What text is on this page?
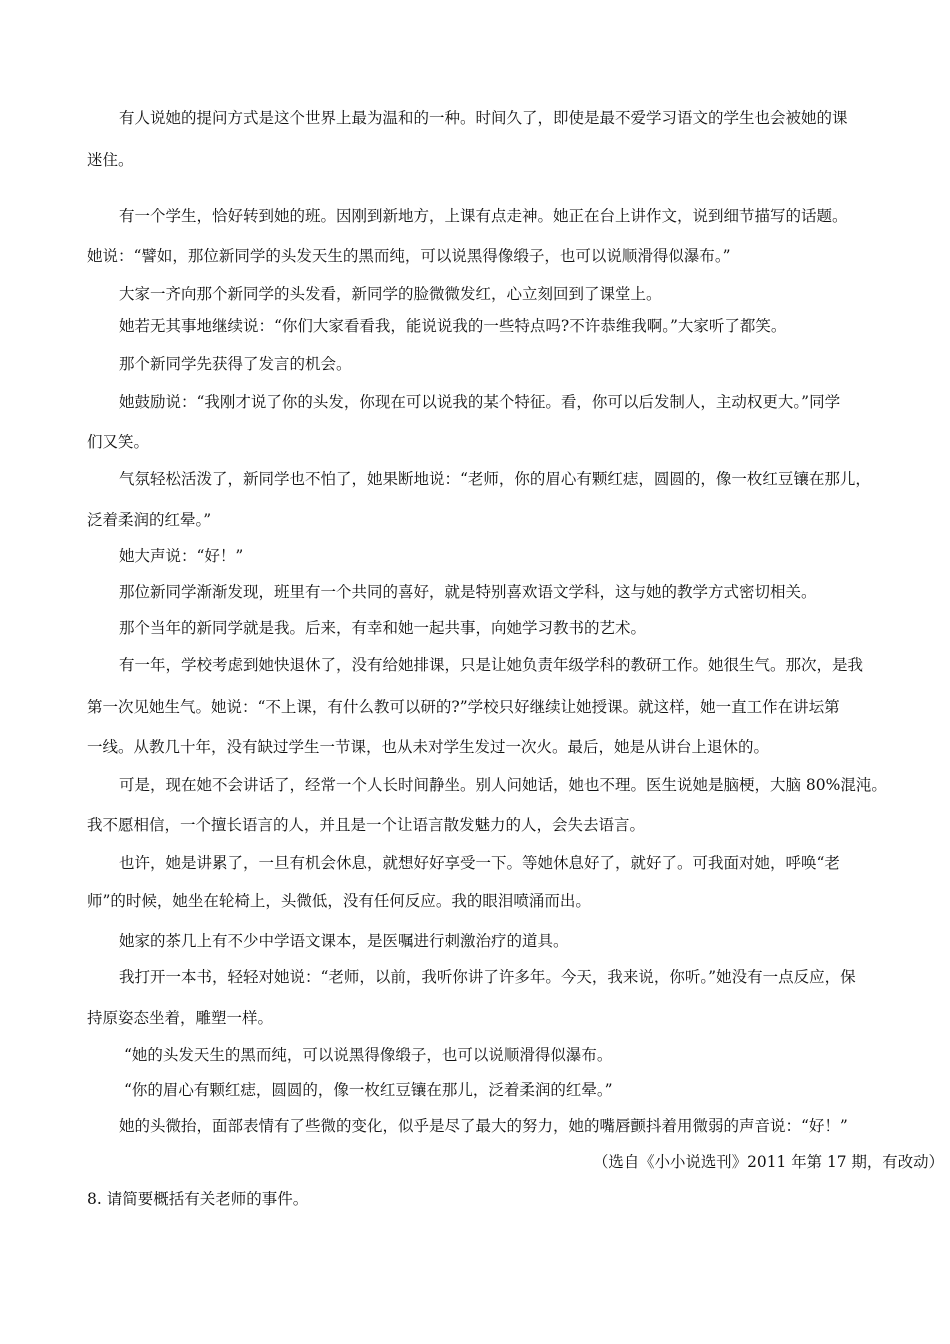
有人说她的提问方式是这个世界上最为温和的一种。时间久了，即使是最不爱学习语文的学生也会被她的课
迷住。
有一个学生，恰好转到她的班。因刚到新地方，上课有点走神。她正在台上讲作文，说到细节描写的话题。
她说：“譬如，那位新同学的头发天生的黑而纯，可以说黑得像缎子，也可以说顺滑得似瀑布。”
大家一齐向那个新同学的头发看，新同学的脸微微发红，心立刻回到了课堂上。
她若无其事地继续说：“你们大家看看我，能说说我的一些特点吗?不许恭维我啊。”大家听了都笑。
那个新同学先获得了发言的机会。
她鼓励说：“我刚才说了你的头发，你现在可以说我的某个特征。看，你可以后发制人，主动权更大。”同学
们又笑。
气氛轻松活泼了，新同学也不怕了，她果断地说：“老师，你的眉心有颗红痣，圆圆的，像一枚红豆镶在那儿，
泛着柔润的红晕。”
她大声说：“好！”
那位新同学渐渐发现，班里有一个共同的喜好，就是特别喜欢语文学科，这与她的教学方式密切相关。
那个当年的新同学就是我。后来，有幸和她一起共事，向她学习教书的艺术。
有一年，学校考虑到她快退休了，没有给她排课，只是让她负责年级学科的教研工作。她很生气。那次，是我
第一次见她生气。她说：“不上课，有什么教可以研的?”学校只好继续让她授课。就这样，她一直工作在讲坛第
一线。从教几十年，没有缺过学生一节课，也从未对学生发过一次火。最后，她是从讲台上退休的。
可是，现在她不会讲话了，经常一个人长时间静坐。别人问她话，她也不理。医生说她是脑梗，大脑 80%混沌。
我不愿相信，一个擅长语言的人，并且是一个让语言散发魅力的人，会失去语言。
也许，她是讲累了，一旦有机会休息，就想好好享受一下。等她休息好了，就好了。可我面对她，呼唤“老
师”的时候，她坐在轮椅上，头微低，没有任何反应。我的眼泪喷涌而出。
她家的茶几上有不少中学语文课本，是医嘱进行刺激治疗的道具。
我打开一本书，轻轻对她说：“老师，以前，我听你讲了许多年。今天，我来说，你听。”她没有一点反应，保
持原姿态坐着，雕塑一样。
“她的头发天生的黑而纯，可以说黑得像缎子，也可以说顺滑得似瀑布。
“你的眉心有颗红痣，圆圆的，像一枚红豆镶在那儿，泛着柔润的红晕。”
她的头微抬，面部表情有了些微的变化，似乎是尽了最大的努力，她的嘴唇颤抖着用微弱的声音说：“好！”
（选自《小小说选刊》2011 年第 17 期，有改动）
8. 请简要概括有关老师的事件。
